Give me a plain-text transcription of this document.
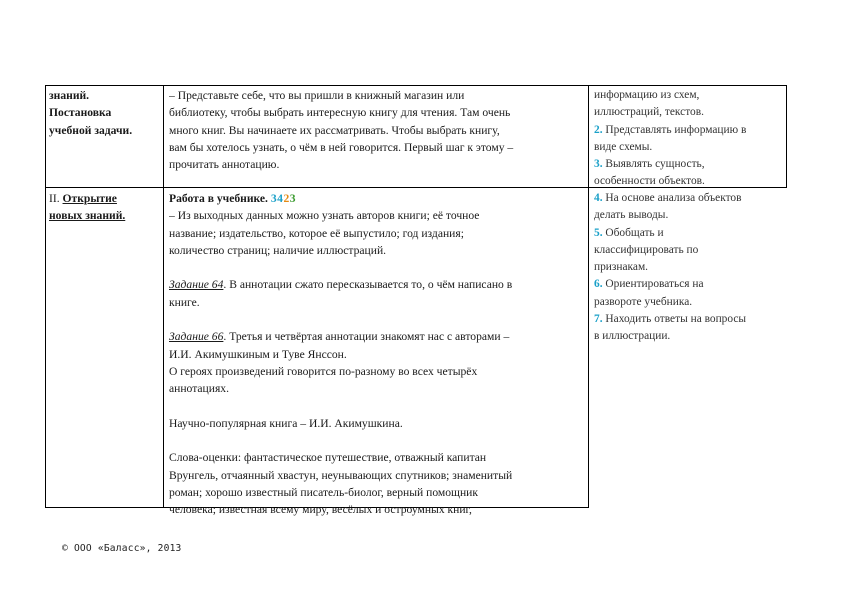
знаний.
Постановка
учебной задачи.
– Представьте себе, что вы пришли в книжный магазин или
библиотеку, чтобы выбрать интересную книгу для чтения. Там очень
много книг. Вы начинаете их рассматривать. Чтобы выбрать книгу,
вам бы хотелось узнать, о чём в ней говорится. Первый шаг к этому –
прочитать аннотацию.
информацию из схем,
иллюстраций, текстов.
2. Представлять информацию в
виде схемы.
3. Выявлять сущность,
особенности объектов.
II. Открытие
новых знаний.
Работа в учебнике. 3423
– Из выходных данных можно узнать авторов книги; её точное
название; издательство, которое её выпустило; год издания;
количество страниц; наличие иллюстраций.
Задание 64. В аннотации сжато пересказывается то, о чём написано в
книге.
Задание 66. Третья и четвёртая аннотации знакомят нас с авторами –
И.И. Акимушкиным и Туве Янссон.
О героях произведений говорится по-разному во всех четырёх
аннотациях.
Научно-популярная книга – И.И. Акимушкина.
Слова-оценки: фантастическое путешествие, отважный капитан
Врунгель, отчаянный хвастун, неунывающих спутников; знаменитый
роман; хорошо известный писатель-биолог, верный помощник
человека; известная всему миру, весёлых и остроумных книг,
4. На основе анализа объектов
делать выводы.
5. Обобщать и
классифицировать по
признакам.
6. Ориентироваться на
развороте учебника.
7. Находить ответы на вопросы
в иллюстрации.
© ООО «Баласс», 2013
